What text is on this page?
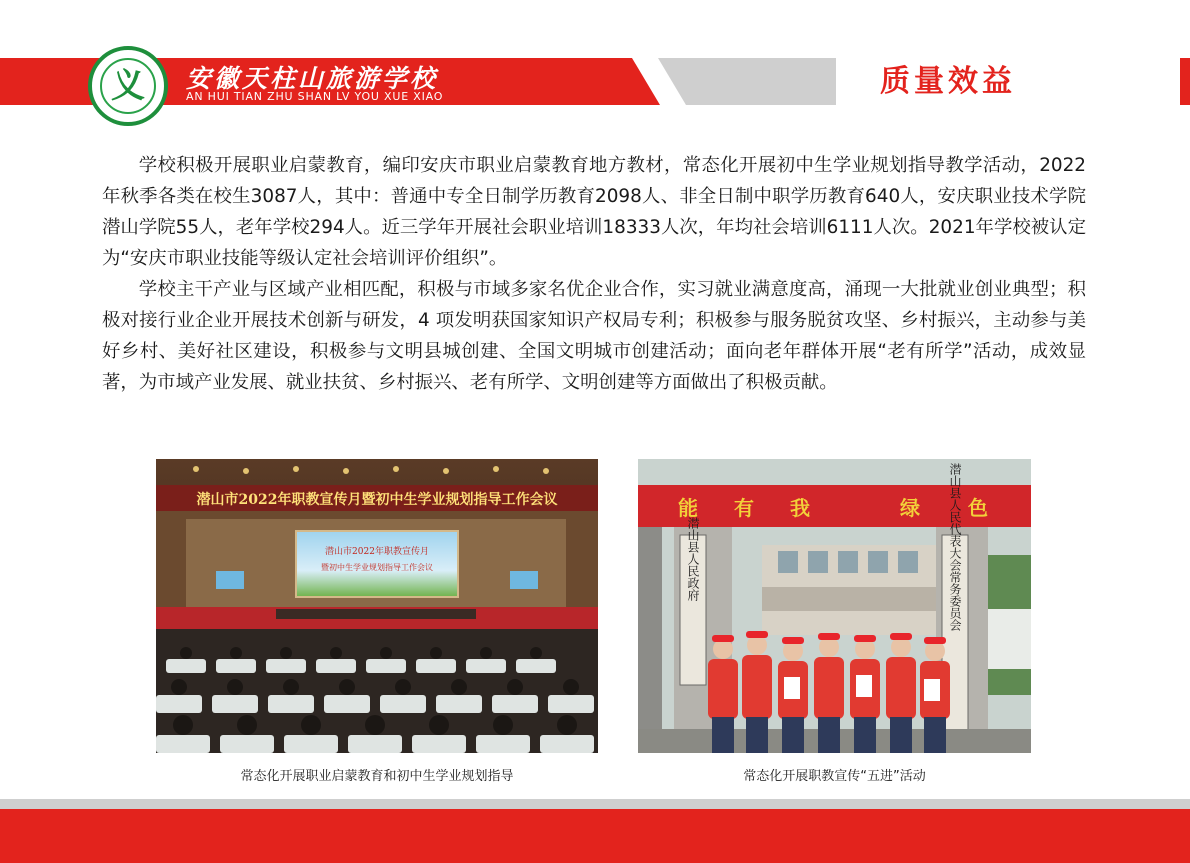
义 安徽天柱山旅游学校
AN HUI TIAN ZHU SHAN LV YOU XUE XIAO	质量效益

学校积极开展职业启蒙教育，编印安庆市职业启蒙教育地方教材，常态化开展初中生学业规划指导教学活动，2022年秋季各类在校生3087人，其中：普通中专全日制学历教育2098人、非全日制中职学历教育640人，安庆职业技术学院潜山学院55人，老年学校294人。近三学年开展社会职业培训18333人次，年均社会培训6111人次。2021年学校被认定为“安庆市职业技能等级认定社会培训评价组织”。

学校主干产业与区域产业相匹配，积极与市域多家名优企业合作，实习就业满意度高，涌现一大批就业创业典型；积极对接行业企业开展技术创新与研发，4 项发明获国家知识产权局专利；积极参与服务脱贫攻坚、乡村振兴，主动参与美好乡村、美好社区建设，积极参与文明县城创建、全国文明城市创建活动；面向老年群体开展“老有所学”活动，成效显著，为市域产业发展、就业扶贫、乡村振兴、老有所学、文明创建等方面做出了积极贡献。

潜山市2022年职教宣传月暨初中生学业规划指导工作会议
潜山市2022年职教宣传月
暨初中生学业规划指导工作会议
常态化开展职业启蒙教育和初中生学业规划指导
能 有 我	绿 色
潜山县人民政府	潜山县人民代表大会常务委员会
常态化开展职教宣传“五进”活动
